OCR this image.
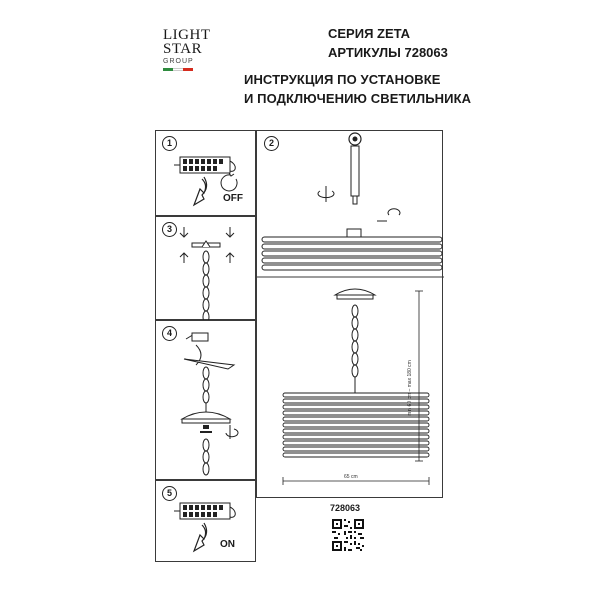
LIGHT
STAR
GROUP
СЕРИЯ ZETA
АРТИКУЛЫ 728063
ИНСТРУКЦИЯ ПО УСТАНОВКЕ
И ПОДКЛЮЧЕНИЮ СВЕТИЛЬНИКА
1
OFF
2
min 60 cm – max 180 cm
65 cm
3
4
5
ON
728063
